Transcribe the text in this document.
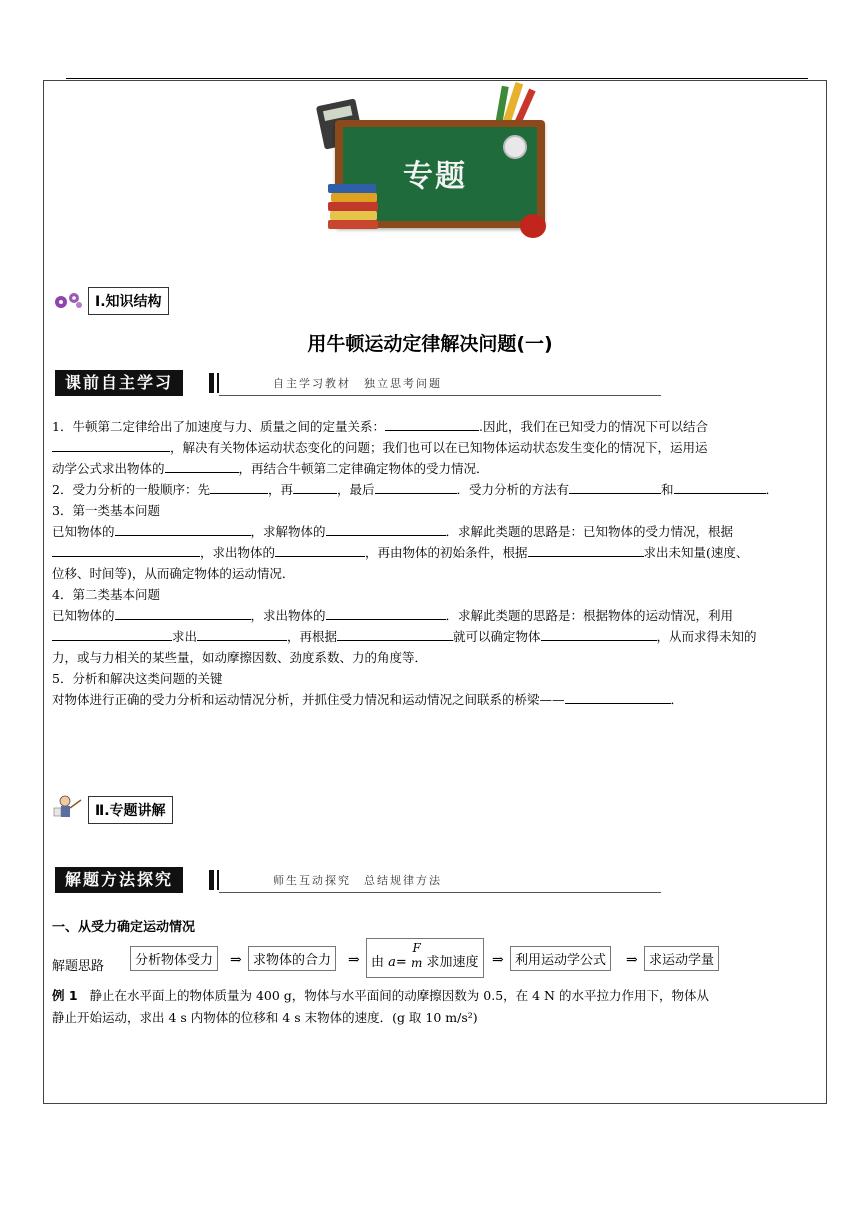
专题
Ⅰ.知识结构
用牛顿运动定律解决问题(一)
课前自主学习	自主学习教材　独立思考问题

1．牛顿第二定律给出了加速度与力、质量之间的定量关系：	.因此，我们在已知受力的情况下可以结合

，解决有关物体运动状态变化的问题；我们也可以在已知物体运动状态发生变化的情况下，运用运

动学公式求出物体的	，再结合牛顿第二定律确定物体的受力情况．

2．受力分析的一般顺序：先	，再	，最后	．受力分析的方法有	和	．

3．第一类基本问题

已知物体的	，求解物体的	．求解此类题的思路是：已知物体的受力情况，根据

，求出物体的	，再由物体的初始条件，根据	求出未知量(速度、

位移、时间等)，从而确定物体的运动情况．

4．第二类基本问题

已知物体的	，求出物体的	．求解此类题的思路是：根据物体的运动情况，利用

求出	，再根据	就可以确定物体	，从而求得未知的

力，或与力相关的某些量，如动摩擦因数、劲度系数、力的角度等．

5．分析和解决这类问题的关键

对物体进行正确的受力分析和运动情况分析，并抓住受力情况和运动情况之间联系的桥梁——	．

Ⅱ.专题讲解
解题方法探究	师生互动探究　总结规律方法
一、从受力确定运动情况
解题思路	分析物体受力	⇒ 求物体的合力	⇒ 由 a=
F
m 求加速度 ⇒ 利用运动学公式	⇒ 求运动学量

例 1 静止在水平面上的物体质量为 400 g，物体与水平面间的动摩擦因数为 0.5，在 4 N 的水平拉力作用下，物体从

静止开始运动，求出 4 s 内物体的位移和 4 s 末物体的速度．(g 取 10 m/s²)
